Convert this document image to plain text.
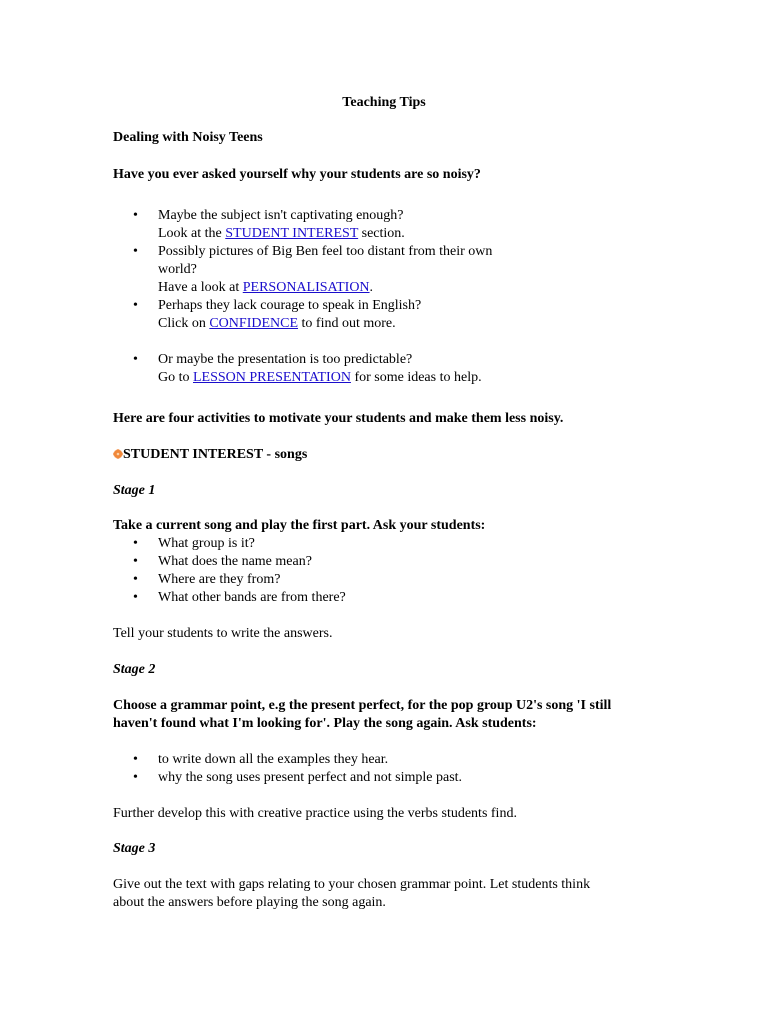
Teaching Tips
Dealing with Noisy Teens
Have you ever asked yourself why your students are so noisy?
• Maybe the subject isn't captivating enough?
Look at the STUDENT INTEREST section.
• Possibly pictures of Big Ben feel too distant from their own
world?
Have a look at PERSONALISATION.
• Perhaps they lack courage to speak in English?
Click on CONFIDENCE to find out more.
• Or maybe the presentation is too predictable?
Go to LESSON PRESENTATION for some ideas to help.
Here are four activities to motivate your students and make them less noisy.
STUDENT INTEREST - songs
Stage 1
Take a current song and play the first part. Ask your students:
• What group is it?
• What does the name mean?
• Where are they from?
• What other bands are from there?
Tell your students to write the answers.
Stage 2
Choose a grammar point, e.g the present perfect, for the pop group U2's song 'I still
haven't found what I'm looking for'. Play the song again. Ask students:
• to write down all the examples they hear.
• why the song uses present perfect and not simple past.
Further develop this with creative practice using the verbs students find.
Stage 3
Give out the text with gaps relating to your chosen grammar point. Let students think
about the answers before playing the song again.
